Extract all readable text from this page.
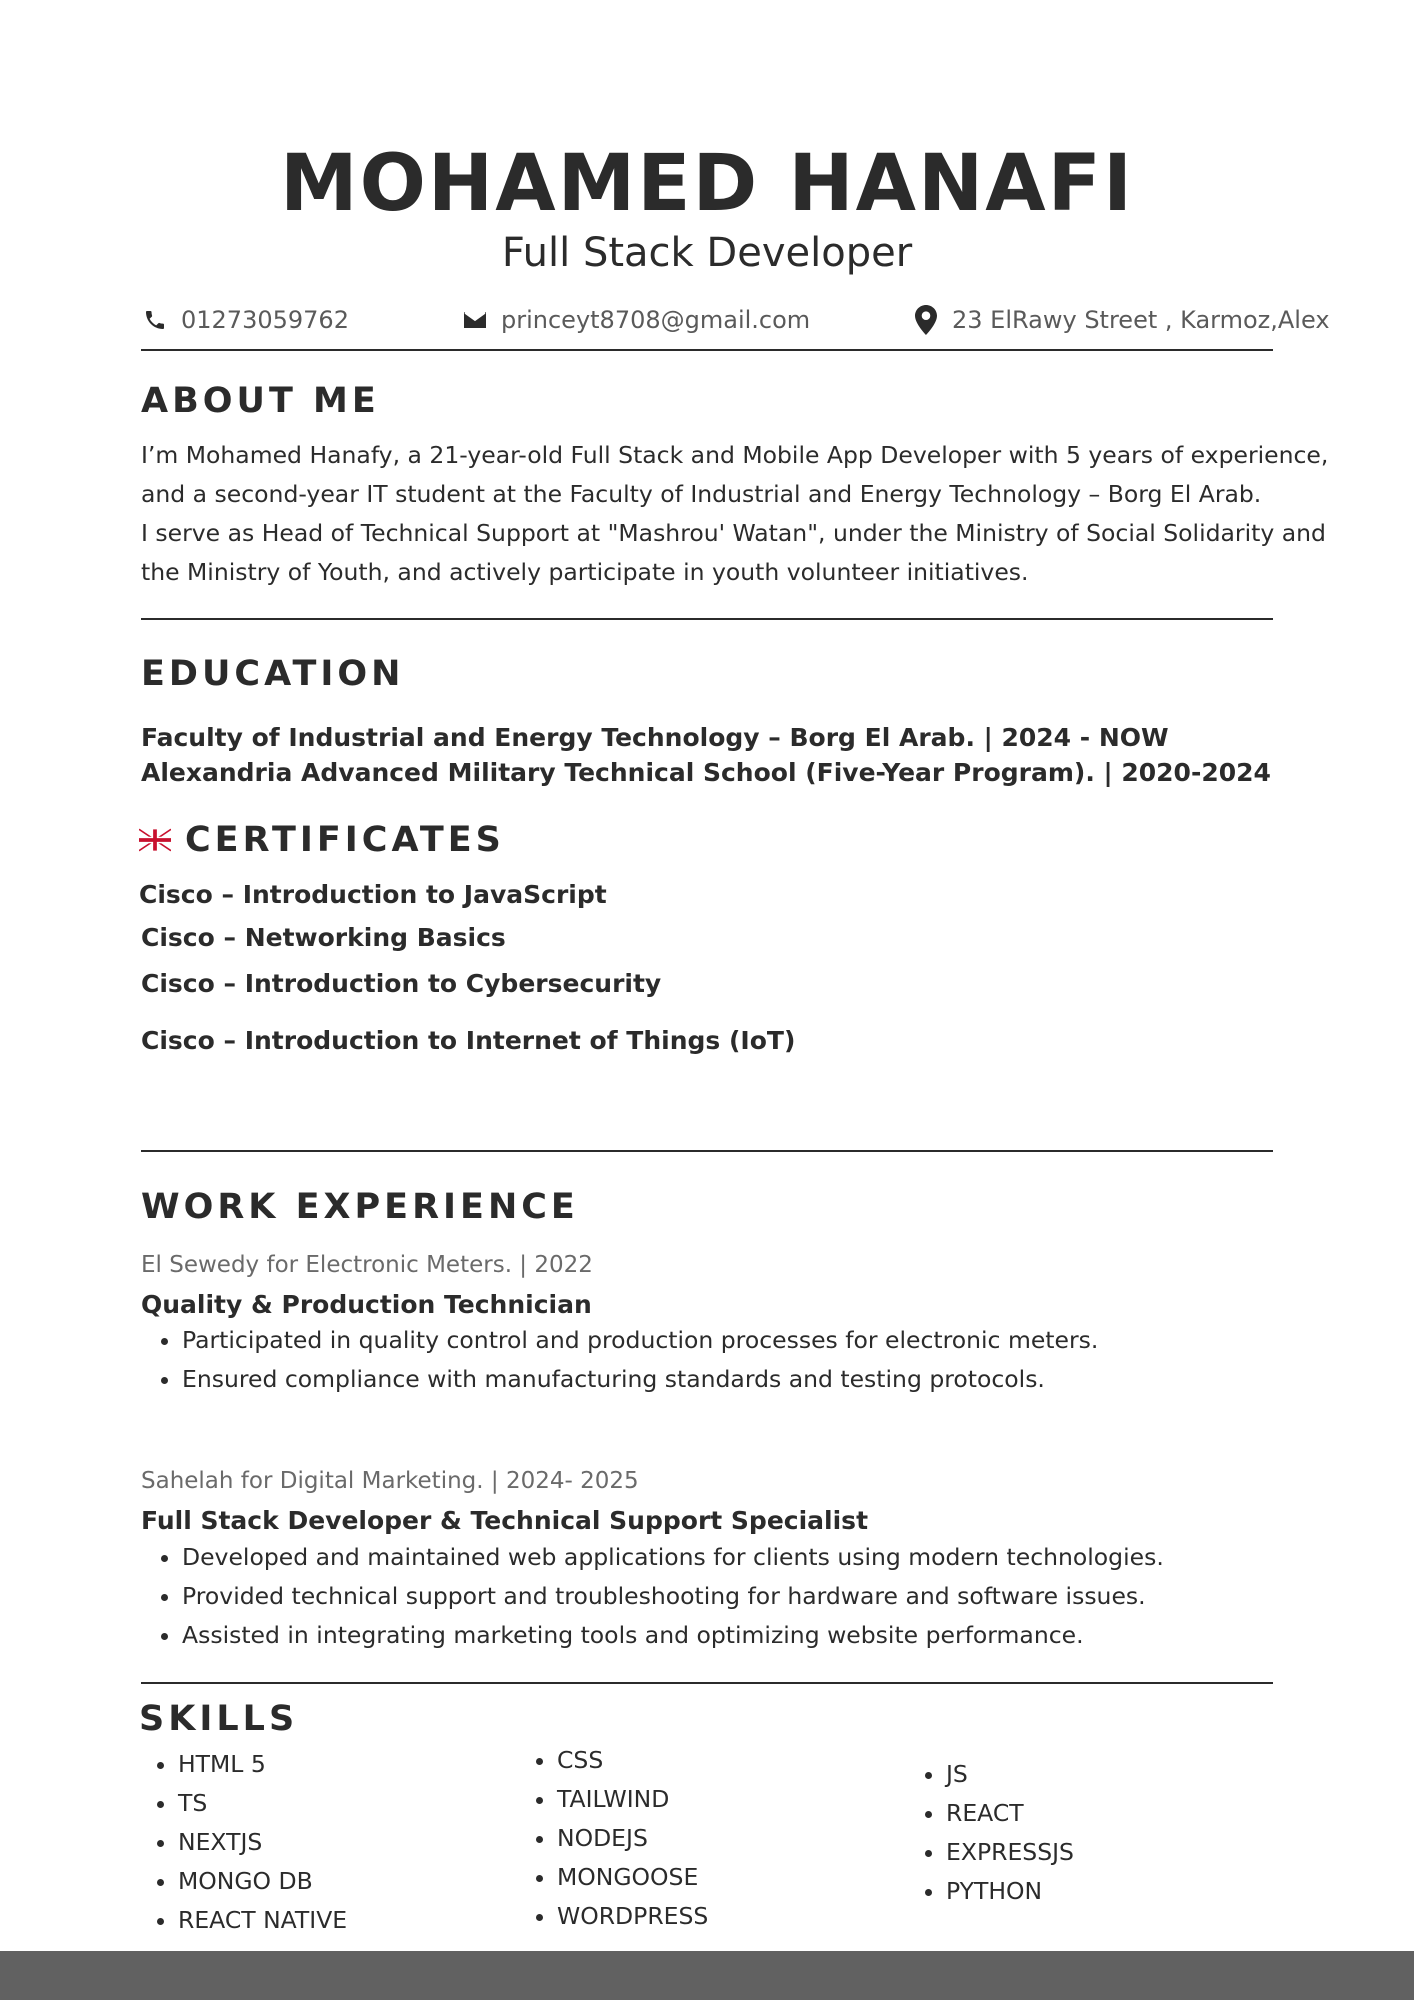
MOHAMED HANAFI
Full Stack Developer
01273059762	princeyt8708@gmail.com	23 ElRawy Street , Karmoz,Alex
ABOUT ME

I’m Mohamed Hanafy, a 21-year-old Full Stack and Mobile App Developer with 5 years of experience,

and a second-year IT student at the Faculty of Industrial and Energy Technology – Borg El Arab.

I serve as Head of Technical Support at "Mashrou' Watan", under the Ministry of Social Solidarity and

the Ministry of Youth, and actively participate in youth volunteer initiatives.

EDUCATION
Faculty of Industrial and Energy Technology – Borg El Arab. | 2024 - NOW
Alexandria Advanced Military Technical School (Five-Year Program). | 2020-2024
CERTIFICATES
Cisco – Introduction to JavaScript
Cisco – Networking Basics
Cisco – Introduction to Cybersecurity
Cisco – Introduction to Internet of Things (IoT)
WORK EXPERIENCE
El Sewedy for Electronic Meters. | 2022
Quality & Production Technician
• Participated in quality control and production processes for electronic meters.
• Ensured compliance with manufacturing standards and testing protocols.
Sahelah for Digital Marketing. | 2024- 2025
Full Stack Developer & Technical Support Specialist
• Developed and maintained web applications for clients using modern technologies.
• Provided technical support and troubleshooting for hardware and software issues.
• Assisted in integrating marketing tools and optimizing website performance.
SKILLS
• HTML 5
• TS
• NEXTJS
• MONGO DB
• REACT NATIVE
• CSS
• TAILWIND
• NODEJS
• MONGOOSE
• WORDPRESS
• JS
• REACT
• EXPRESSJS
• PYTHON
